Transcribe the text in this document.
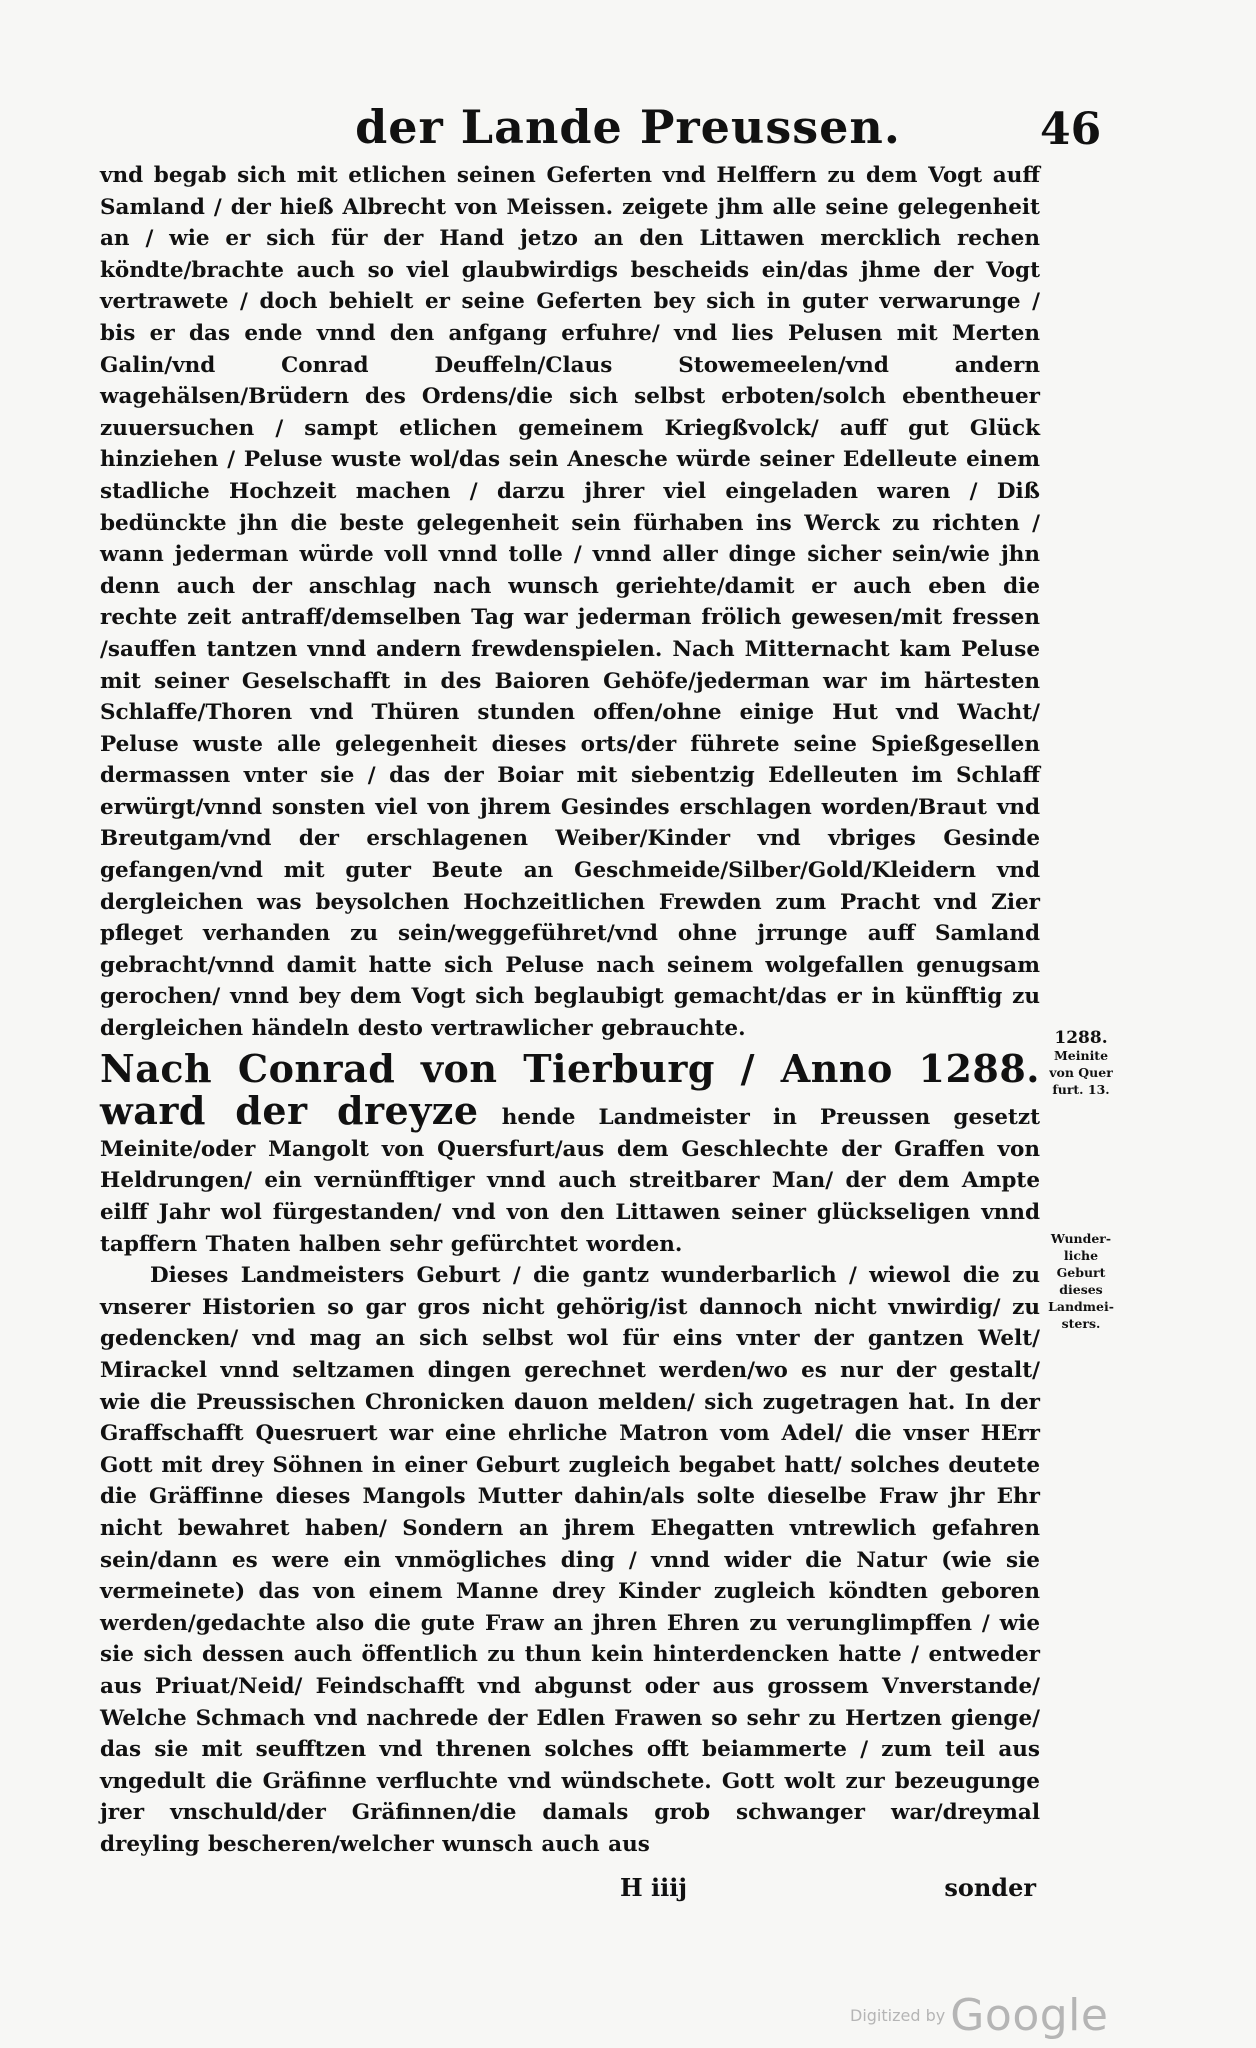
der Lande Preussen.	46

vnd begab sich mit etlichen seinen Geferten vnd Helffern zu dem Vogt auff Samland / der hieß Albrecht von Meissen. zeigete jhm alle seine gelegenheit an / wie er sich für der Hand jetzo an den Littawen mercklich rechen köndte/brachte auch so viel glaubwirdigs bescheids ein/das jhme der Vogt vertrawete / doch behielt er seine Geferten bey sich in guter verwarunge / bis er das ende vnnd den anfgang erfuhre/ vnd lies Pelusen mit Merten Galin/vnd Conrad Deuffeln/Claus Stowemeelen/vnd andern wagehälsen/Brüdern des Ordens/die sich selbst erboten/solch ebentheuer zuuersuchen / sampt etlichen gemeinem Kriegßvolck/ auff gut Glück hinziehen / Peluse wuste wol/das sein Anesche würde seiner Edelleute einem stadliche Hochzeit machen / darzu jhrer viel eingeladen waren / Diß bedünckte jhn die beste gelegenheit sein fürhaben ins Werck zu richten / wann jederman würde voll vnnd tolle / vnnd aller dinge sicher sein/wie jhn denn auch der anschlag nach wunsch geriehte/damit er auch eben die rechte zeit antraff/demselben Tag war jederman frölich gewesen/mit fressen /sauffen tantzen vnnd andern frewdenspielen. Nach Mitternacht kam Peluse mit seiner Geselschafft in des Baioren Gehöfe/jederman war im härtesten Schlaffe/Thoren vnd Thüren stunden offen/ohne einige Hut vnd Wacht/ Peluse wuste alle gelegenheit dieses orts/der führete seine Spießgesellen dermassen vnter sie / das der Boiar mit siebentzig Edelleuten im Schlaff erwürgt/vnnd sonsten viel von jhrem Gesindes erschlagen worden/Braut vnd Breutgam/vnd der erschlagenen Weiber/Kinder vnd vbriges Gesinde gefangen/vnd mit guter Beute an Geschmeide/Silber/Gold/Kleidern vnd dergleichen was beysolchen Hochzeitlichen Frewden zum Pracht vnd Zier pfleget verhanden zu sein/weggeführet/vnd ohne jrrunge auff Samland gebracht/vnnd damit hatte sich Peluse nach seinem wolgefallen genugsam gerochen/ vnnd bey dem Vogt sich beglaubigt gemacht/das er in künfftig zu dergleichen händeln desto vertrawlicher gebrauchte.

Nach Conrad von Tierburg / Anno 1288. ward der dreyze hende Landmeister in Preussen gesetzt Meinite/oder Mangolt von Quersfurt/aus dem Geschlechte der Graffen von Heldrungen/ ein vernünfftiger vnnd auch streitbarer Man/ der dem Ampte eilff Jahr wol fürgestanden/ vnd von den Littawen seiner glückseligen vnnd tapffern Thaten halben sehr gefürchtet worden.

Dieses Landmeisters Geburt / die gantz wunderbarlich / wiewol die zu vnserer Historien so gar gros nicht gehörig/ist dannoch nicht vnwirdig/ zu gedencken/ vnd mag an sich selbst wol für eins vnter der gantzen Welt/ Mirackel vnnd seltzamen dingen gerechnet werden/wo es nur der gestalt/ wie die Preussischen Chronicken dauon melden/ sich zugetragen hat. In der Graffschafft Quesruert war eine ehrliche Matron vom Adel/ die vnser HErr Gott mit drey Söhnen in einer Geburt zugleich begabet hatt/ solches deutete die Gräffinne dieses Mangols Mutter dahin/als solte dieselbe Fraw jhr Ehr nicht bewahret haben/ Sondern an jhrem Ehegatten vntrewlich gefahren sein/dann es were ein vnmögliches ding / vnnd wider die Natur (wie sie vermeinete) das von einem Manne drey Kinder zugleich köndten geboren werden/gedachte also die gute Fraw an jhren Ehren zu verunglimpffen / wie sie sich dessen auch öffentlich zu thun kein hinterdencken hatte / entweder aus Priuat/Neid/ Feindschafft vnd abgunst oder aus grossem Vnverstande/ Welche Schmach vnd nachrede der Edlen Frawen so sehr zu Hertzen gienge/ das sie mit seufftzen vnd threnen solches offt beiammerte / zum teil aus vngedult die Gräfinne verfluchte vnd wündschete. Gott wolt zur bezeugunge jrer vnschuld/der Gräfinnen/die damals grob schwanger war/dreymal dreyling bescheren/welcher wunsch auch aus

1288.
Meinite
von Quer
furt. 13.
Wunder-
liche Geburt
dieses
Landmei-
sters.
H iiij	sonder
Digitized by Google
